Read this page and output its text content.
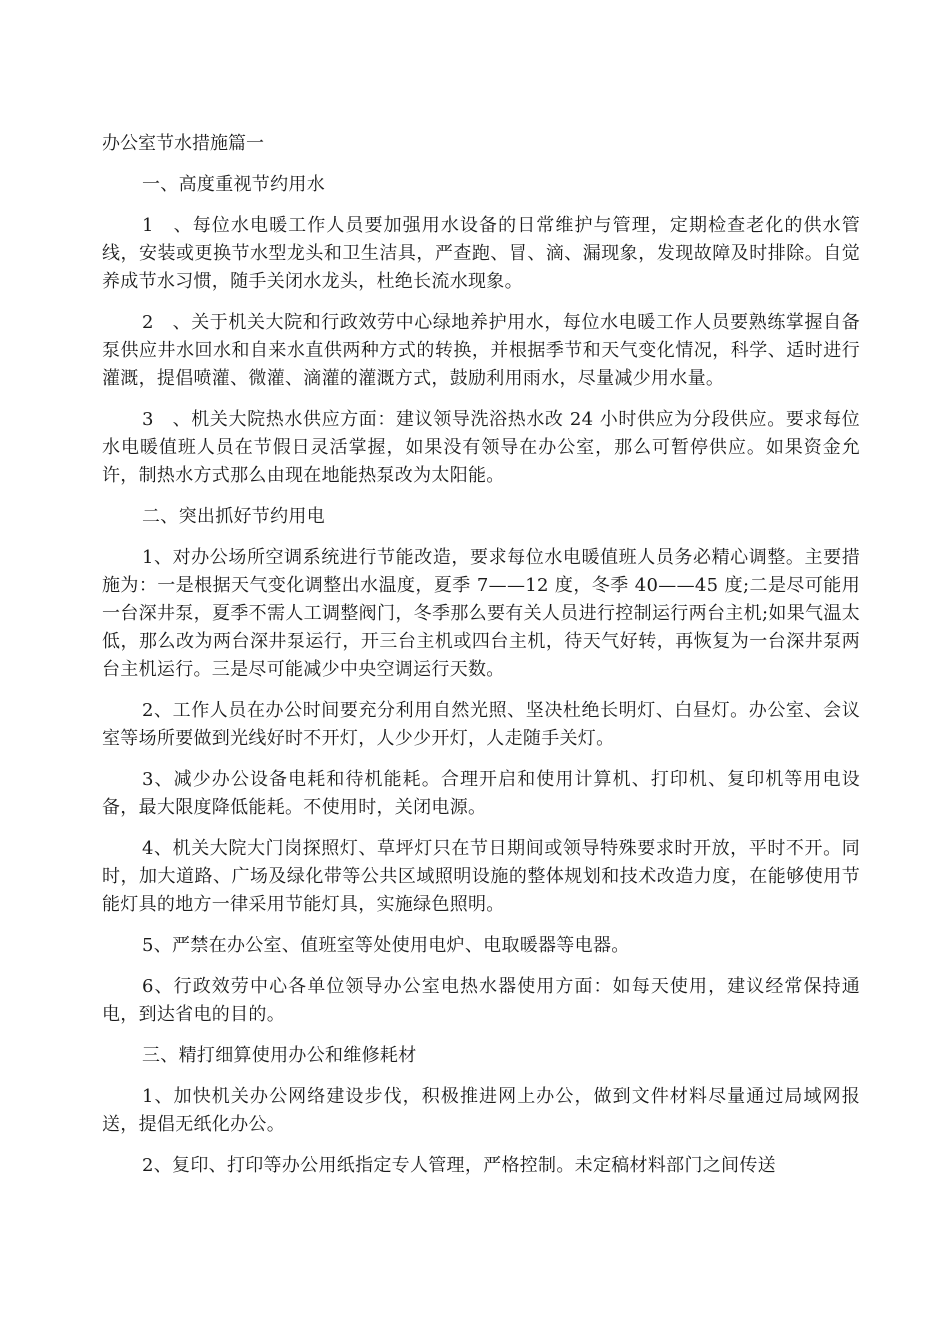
办公室节水措施篇一

一、高度重视节约用水

1　、每位水电暖工作人员要加强用水设备的日常维护与管理，定期检查老化的供水管线，安装或更换节水型龙头和卫生洁具，严查跑、冒、滴、漏现象，发现故障及时排除。自觉养成节水习惯，随手关闭水龙头，杜绝长流水现象。

2　、关于机关大院和行政效劳中心绿地养护用水，每位水电暖工作人员要熟练掌握自备泵供应井水回水和自来水直供两种方式的转换，并根据季节和天气变化情况，科学、适时进行灌溉，提倡喷灌、微灌、滴灌的灌溉方式，鼓励利用雨水，尽量减少用水量。

3　、机关大院热水供应方面：建议领导洗浴热水改 24 小时供应为分段供应。要求每位水电暖值班人员在节假日灵活掌握，如果没有领导在办公室，那么可暂停供应。如果资金允许，制热水方式那么由现在地能热泵改为太阳能。

二、突出抓好节约用电

1、对办公场所空调系统进行节能改造，要求每位水电暖值班人员务必精心调整。主要措施为：一是根据天气变化调整出水温度，夏季 7——12 度，冬季 40——45 度;二是尽可能用一台深井泵，夏季不需人工调整阀门，冬季那么要有关人员进行控制运行两台主机;如果气温太低，那么改为两台深井泵运行，开三台主机或四台主机，待天气好转，再恢复为一台深井泵两台主机运行。三是尽可能减少中央空调运行天数。

2、工作人员在办公时间要充分利用自然光照、坚决杜绝长明灯、白昼灯。办公室、会议室等场所要做到光线好时不开灯，人少少开灯，人走随手关灯。

3、减少办公设备电耗和待机能耗。合理开启和使用计算机、打印机、复印机等用电设备，最大限度降低能耗。不使用时，关闭电源。

4、机关大院大门岗探照灯、草坪灯只在节日期间或领导特殊要求时开放，平时不开。同时，加大道路、广场及绿化带等公共区域照明设施的整体规划和技术改造力度，在能够使用节能灯具的地方一律采用节能灯具，实施绿色照明。

5、严禁在办公室、值班室等处使用电炉、电取暖器等电器。

6、行政效劳中心各单位领导办公室电热水器使用方面：如每天使用，建议经常保持通电，到达省电的目的。

三、精打细算使用办公和维修耗材

1、加快机关办公网络建设步伐，积极推进网上办公，做到文件材料尽量通过局域网报送，提倡无纸化办公。

2、复印、打印等办公用纸指定专人管理，严格控制。未定稿材料部门之间传送
